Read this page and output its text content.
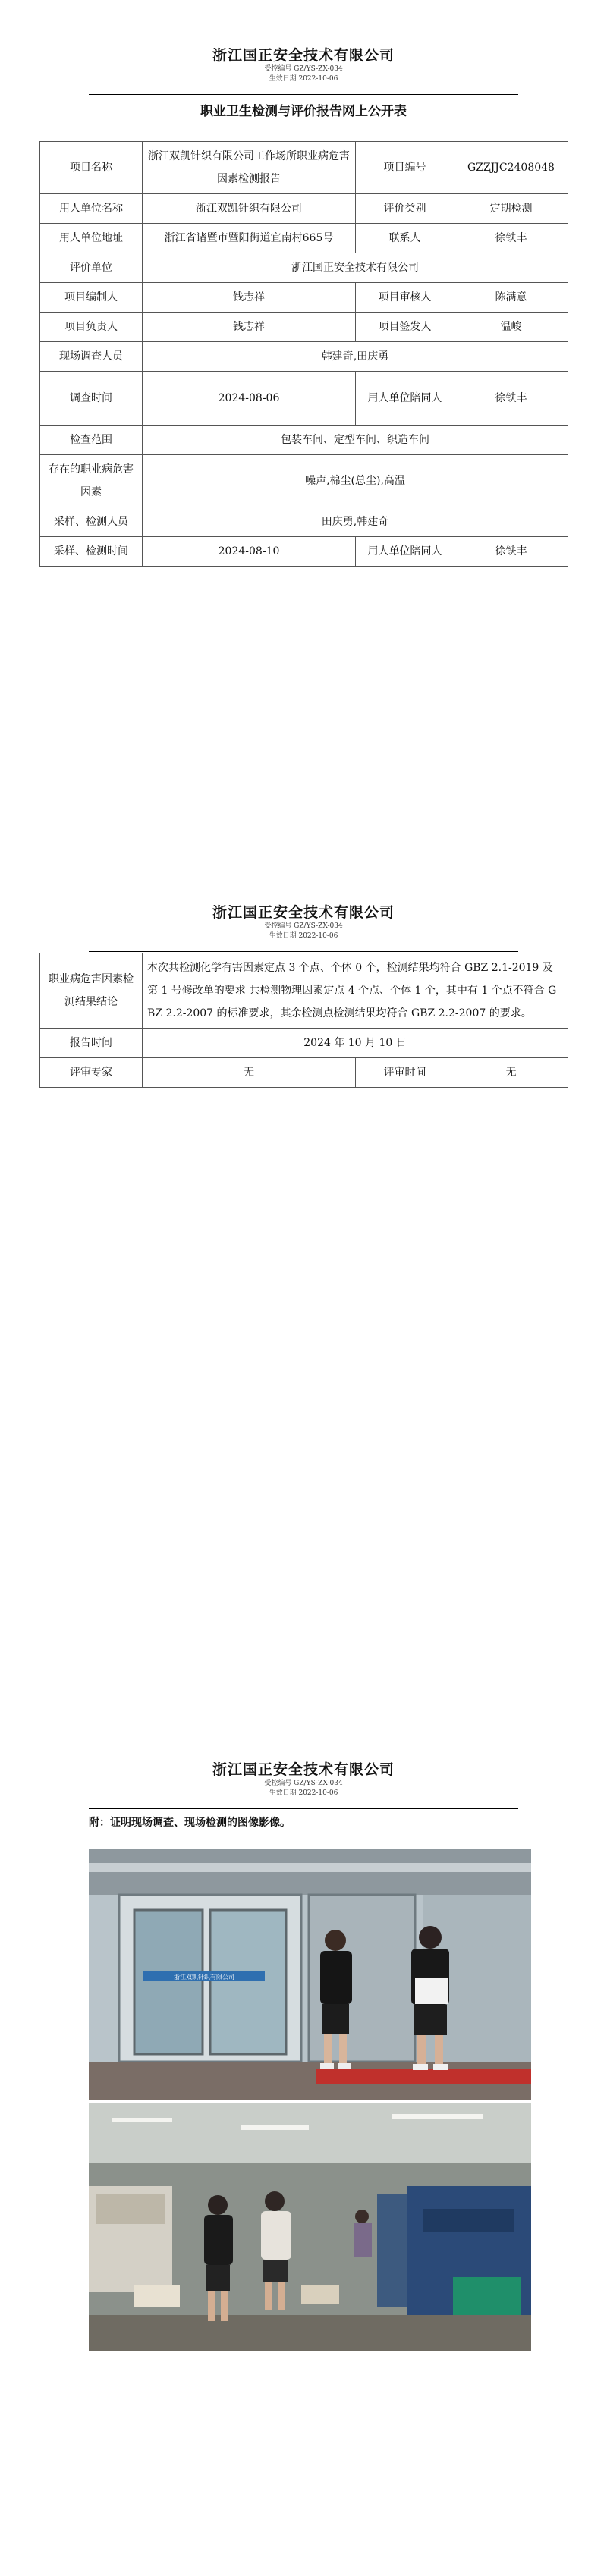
浙江国正安全技术有限公司
受控编号 GZ/YS-ZX-034
生效日期 2022-10-06
职业卫生检测与评价报告网上公开表
项目名称	浙江双凯针织有限公司工作场所职业病危害因素检测报告	项目编号	GZZJJC2408048
用人单位名称	浙江双凯针织有限公司	评价类别	定期检测
用人单位地址	浙江省诸暨市暨阳街道宜南村665号	联系人	徐铁丰
评价单位	浙江国正安全技术有限公司		
项目编制人	钱志祥	项目审核人	陈满意
项目负责人	钱志祥	项目签发人	温峻
现场调查人员	韩建奇,田庆勇		
调查时间	2024-08-06	用人单位陪同人	徐铁丰
检查范围	包装车间、定型车间、织造车间		
存在的职业病危害因素	噪声,棉尘(总尘),高温		
采样、检测人员	田庆勇,韩建奇		
采样、检测时间	2024-08-10	用人单位陪同人	徐铁丰
浙江国正安全技术有限公司
受控编号 GZ/YS-ZX-034
生效日期 2022-10-06
职业病危害因素检测结果结论	本次共检测化学有害因素定点 3 个点、个体 0 个，检测结果均符合 GBZ 2.1-2019 及第 1 号修改单的要求 共检测物理因素定点 4 个点、个体 1 个，其中有 1 个点不符合 GBZ 2.2-2007 的标准要求，其余检测点检测结果均符合 GBZ 2.2-2007 的要求。		
报告时间	2024 年 10 月 10 日		
评审专家	无	评审时间	无
浙江国正安全技术有限公司
受控编号 GZ/YS-ZX-034
生效日期 2022-10-06
附：证明现场调查、现场检测的图像影像。
浙江双凯针织有限公司
